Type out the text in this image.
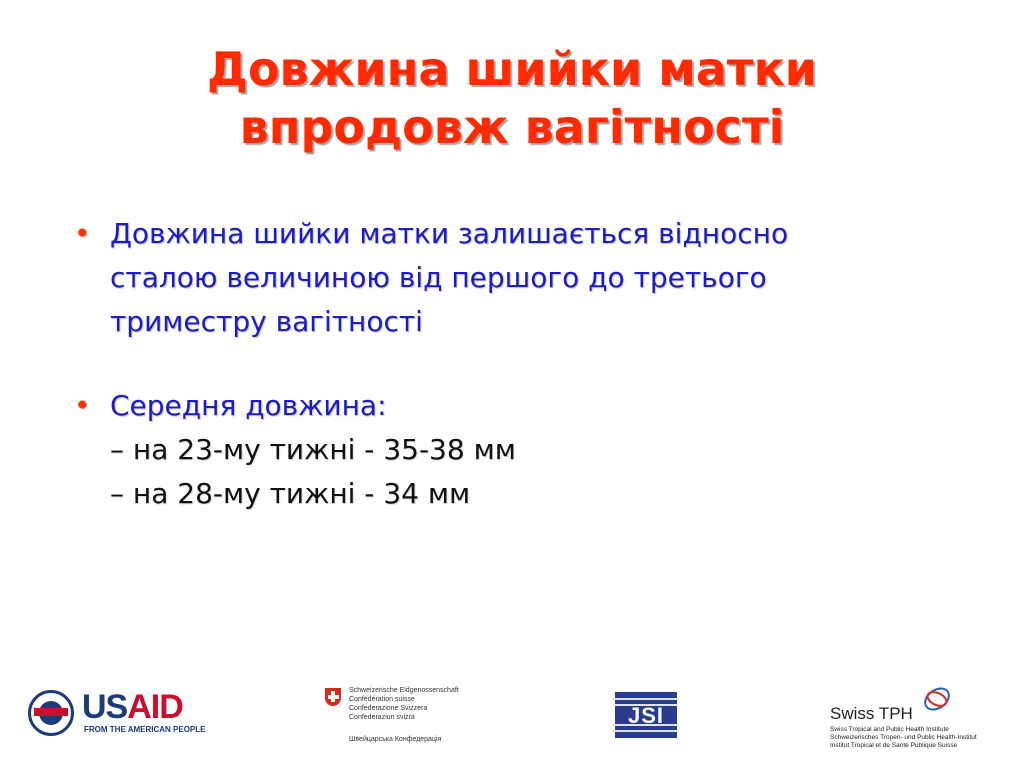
Довжина шийки матки
впродовж вагітності
• Довжина шийки матки залишається відносно
сталою величиною від першого до третього
триместру вагітності
• Середня довжина:
– на 23-му тижні - 35-38 мм
– на 28-му тижні - 34 мм
USAID
FROM THE AMERICAN PEOPLE
Schweizerische Eidgenossenschaft
Confédération suisse
Confederazione Svizzera
Confederaziun svizra
Швейцарська Конфедерація
JSI	Swiss TPH
Swiss Tropical and Public Health Institute
Schweizerisches Tropen- und Public Health-Institut
Institut Tropical et de Santé Publique Suisse
